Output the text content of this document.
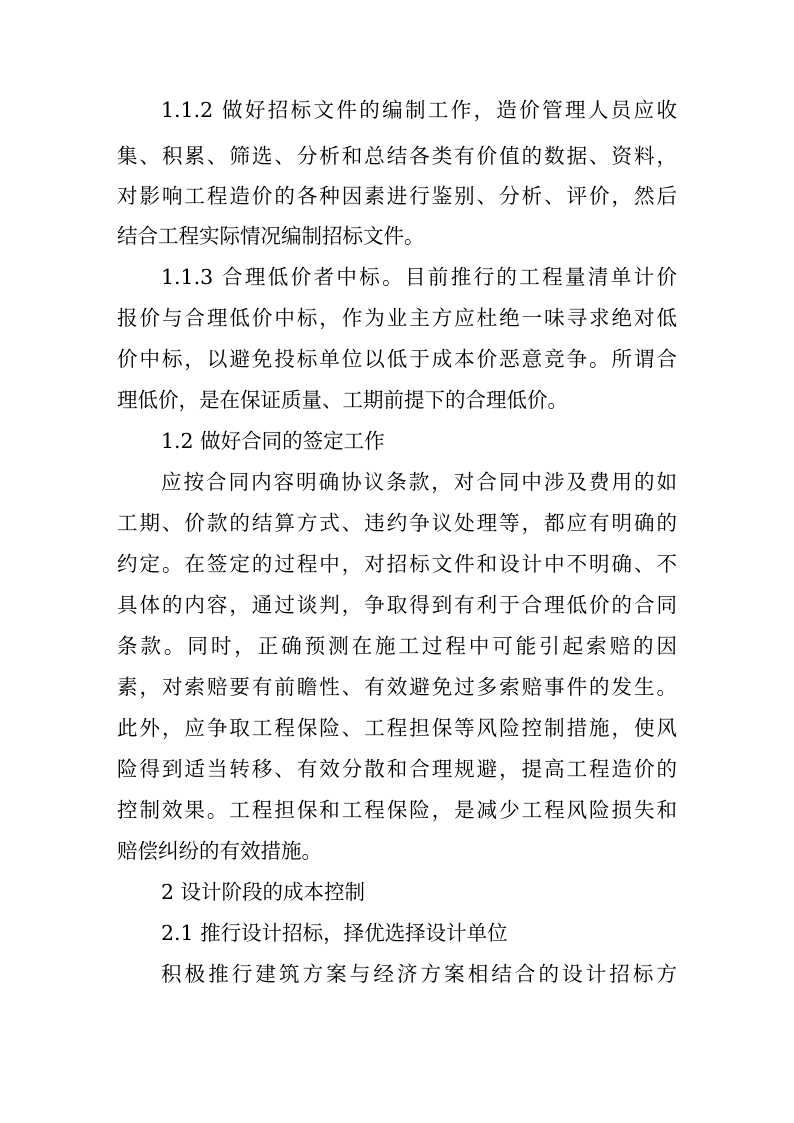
1.1.2 做好招标文件的编制工作，造价管理人员应收
集、积累、筛选、分析和总结各类有价值的数据、资料，
对影响工程造价的各种因素进行鉴别、分析、评价，然后
结合工程实际情况编制招标文件。
1.1.3 合理低价者中标。目前推行的工程量清单计价
报价与合理低价中标，作为业主方应杜绝一味寻求绝对低
价中标，以避免投标单位以低于成本价恶意竞争。所谓合
理低价，是在保证质量、工期前提下的合理低价。
1.2 做好合同的签定工作
应按合同内容明确协议条款，对合同中涉及费用的如
工期、价款的结算方式、违约争议处理等，都应有明确的
约定。在签定的过程中，对招标文件和设计中不明确、不
具体的内容，通过谈判，争取得到有利于合理低价的合同
条款。同时，正确预测在施工过程中可能引起索赔的因
素，对索赔要有前瞻性、有效避免过多索赔事件的发生。
此外，应争取工程保险、工程担保等风险控制措施，使风
险得到适当转移、有效分散和合理规避，提高工程造价的
控制效果。工程担保和工程保险，是减少工程风险损失和
赔偿纠纷的有效措施。
2 设计阶段的成本控制
2.1 推行设计招标，择优选择设计单位
积极推行建筑方案与经济方案相结合的设计招标方
